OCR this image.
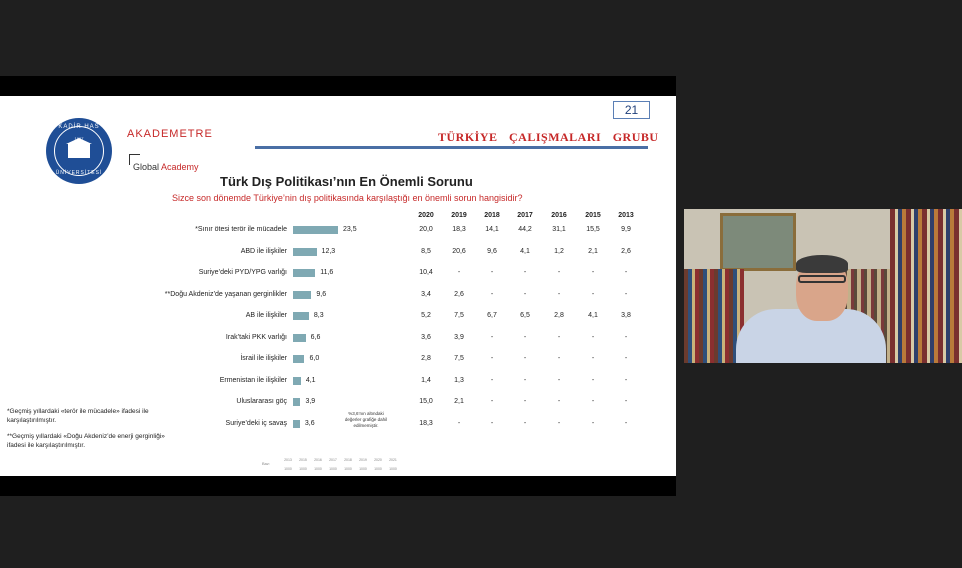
21
KADİR HAS
1997
ÜNİVERSİTESİ
AKADEMETRE
Global Academy
TÜRKİYE ÇALIŞMALARI GRUBU
Türk Dış Politikası’nın En Önemli Sorunu
Sizce son dönemde Türkiye’nin dış politikasında karşılaştığı en önemli sorun hangisidir?
2020	2019	2018	2017	2016	2015	2013
*Sınır ötesi terör ile mücadele	23,5	20,0	18,3	14,1	44,2	31,1	15,5	9,9
ABD ile ilişkiler	12,3	8,5	20,6	9,6	4,1	1,2	2,1	2,6
Suriye’deki PYD/YPG varlığı	11,6	10,4	-	-	-	-	-	-
**Doğu Akdeniz’de yaşanan gerginlikler	9,6	3,4	2,6	-	-	-	-	-
AB ile ilişkiler	8,3	5,2	7,5	6,7	6,5	2,8	4,1	3,8
Irak’taki PKK varlığı	6,6	3,6	3,9	-	-	-	-	-
İsrail ile ilişkiler	6,0	2,8	7,5	-	-	-	-	-
Ermenistan ile ilişkiler	4,1	1,4	1,3	-	-	-	-	-
Uluslararası göç	3,9	15,0	2,1	-	-	-	-	-
Suriye’deki iç savaş	3,6	18,3	-	-	-	-	-	-
%3,6’nın altındaki değerler grafiğe dahil edilmemiştir.
*Geçmiş yıllardaki «terör ile mücadele» ifadesi ile karşılaştırılmıştır.
**Geçmiş yıllardaki «Doğu Akdeniz’de enerji gerginliği» ifadesi ile karşılaştırılmıştır.
Baz:
2013
1000
2015
1000
2016
1000
2017
1000
2018
1000
2019
1000
2020
1000
2021
1000
